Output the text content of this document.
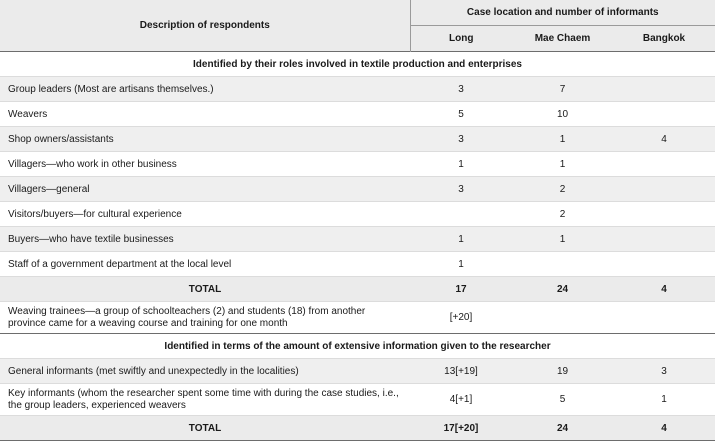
Description of respondents	Case location and number of informants		
	Long	Mae Chaem	Bangkok
Identified by their roles involved in textile production and enterprises			
Group leaders (Most are artisans themselves.)	3	7	
Weavers	5	10	
Shop owners/assistants	3	1	4
Villagers—who work in other business	1	1	
Villagers—general	3	2	
Visitors/buyers—for cultural experience		2	
Buyers—who have textile businesses	1	1	
Staff of a government department at the local level	1		
TOTAL	17	24	4
Weaving trainees—a group of schoolteachers (2) and students (18) from another province came for a weaving course and training for one month	[+20]		
Identified in terms of the amount of extensive information given to the researcher			
General informants (met swiftly and unexpectedly in the localities)	13[+19]	19	3
Key informants (whom the researcher spent some time with during the case studies, i.e., the group leaders, experienced weavers	4[+1]	5	1
TOTAL	17[+20]	24	4
